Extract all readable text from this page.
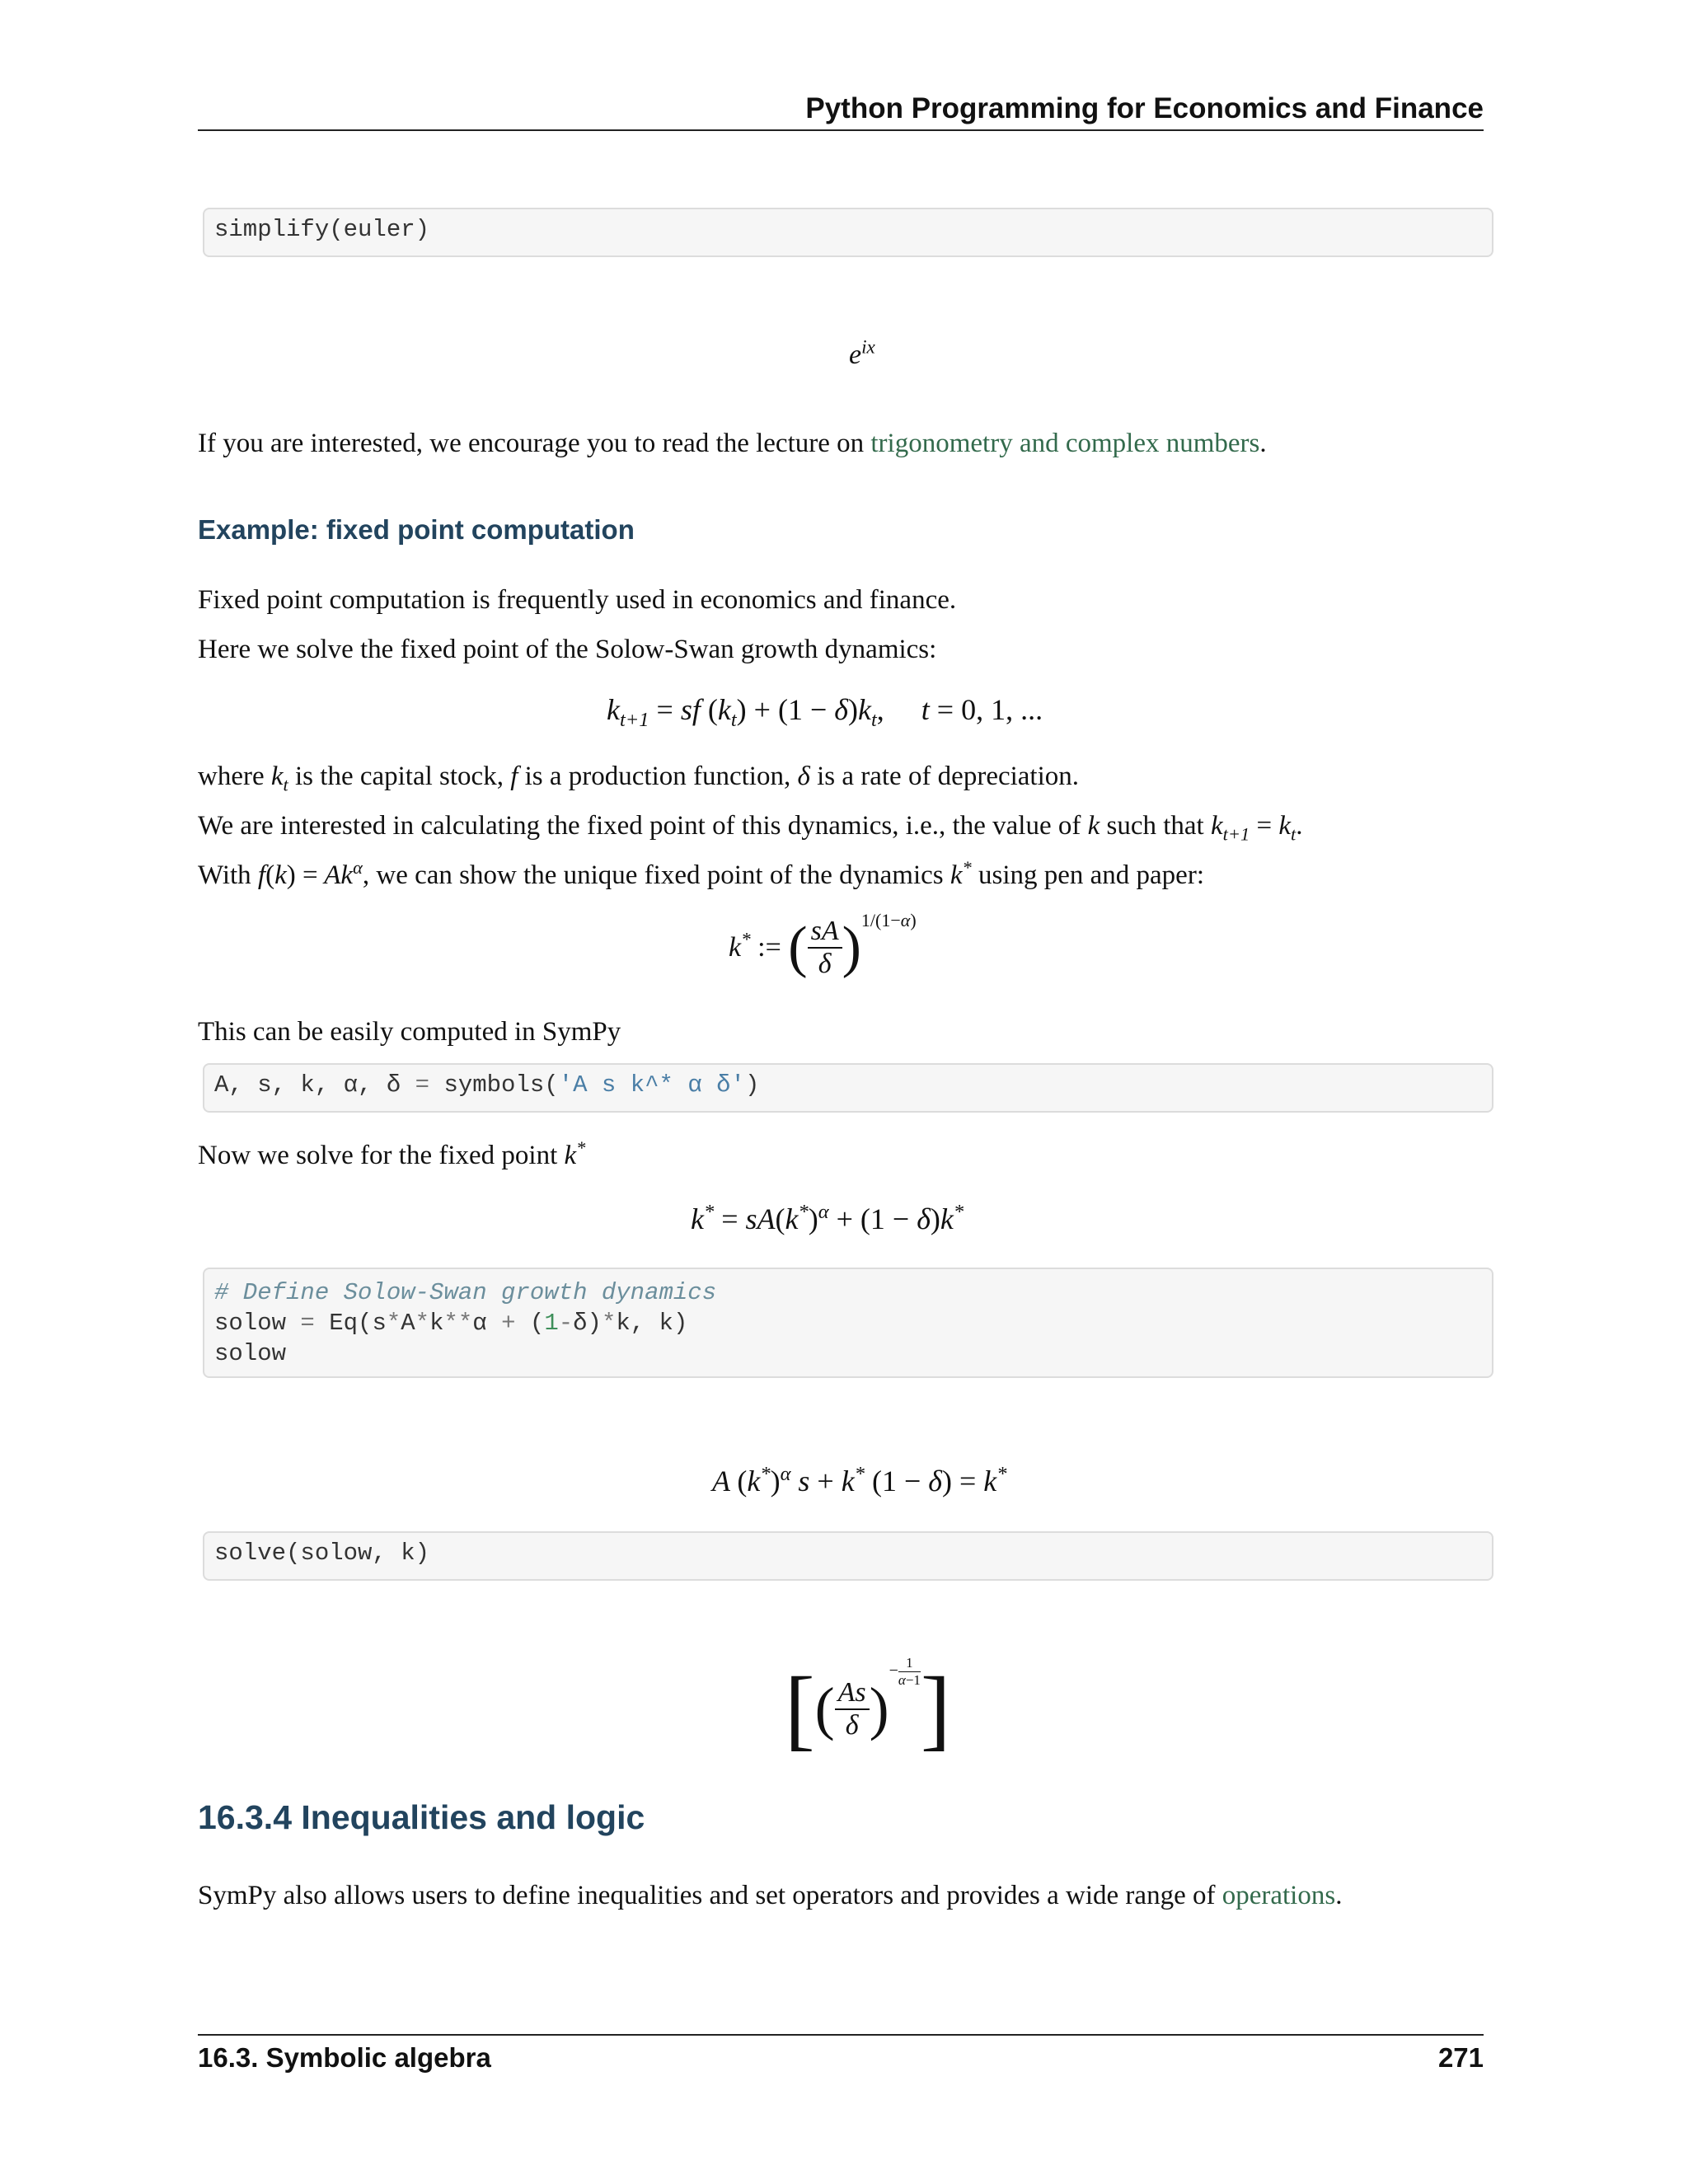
Python Programming for Economics and Finance
simplify(euler)
$e^{ix}$
If you are interested, we encourage you to read the lecture on trigonometry and complex numbers.
Example: fixed point computation
Fixed point computation is frequently used in economics and finance.
Here we solve the fixed point of the Solow-Swan growth dynamics:
$k_{t+1}$ = sf $(k_t) + (1 - \delta)k_t$,     t = 0, 1, ...
where $k_t$ is the capital stock, f is a production function, δ is a rate of depreciation.
We are interested in calculating the fixed point of this dynamics, i.e., the value of k such that $k_{t+1} = k_t$.
With $f(k) = Ak^\alpha$, we can show the unique fixed point of the dynamics k* using pen and paper:
k* := ( $\frac{sA}{\delta} )^{1/(1-\alpha)}$
This can be easily computed in SymPy
A, s, k, α, δ = symbols('A s k^* α δ')
Now we solve for the fixed point k*
$k^* = sA(k^*)^\alpha + (1 - \delta)k^*$
# Define Solow-Swan growth dynamics
solow = Eq(s*A*k**α + (1-δ)*k, k)
solow
A $(k^*)^\alpha$ s + k* (1 − δ) = k*
solve(solow, k)
[( $\frac{As}{\delta}$ )− $\frac{1}{\alpha-1}$ ]
16.3.4 Inequalities and logic
SymPy also allows users to define inequalities and set operators and provides a wide range of operations.
16.3. Symbolic algebra	271
